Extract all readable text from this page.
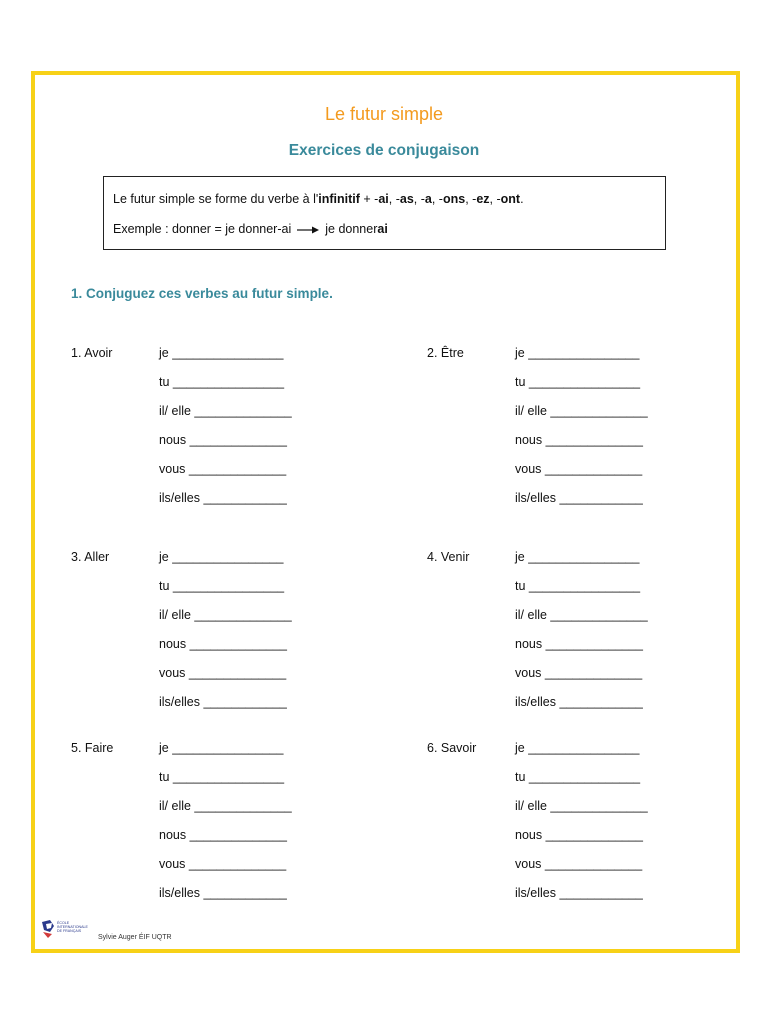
Le futur simple
Exercices de conjugaison
Le futur simple se forme du verbe à l'infinitif + -ai, -as, -a, -ons, -ez, -ont.
Exemple : donner = je donner-ai	je donnerai
1. Conjuguez ces verbes au futur simple.
1. Avoir	je ________________
tu ________________
il/ elle ______________
nous ______________
vous ______________
ils/elles ____________
2. Être	je ________________
tu ________________
il/ elle ______________
nous ______________
vous ______________
ils/elles ____________
3. Aller	je ________________
tu ________________
il/ elle ______________
nous ______________
vous ______________
ils/elles ____________
4. Venir	je ________________
tu ________________
il/ elle ______________
nous ______________
vous ______________
ils/elles ____________
5. Faire	je ________________
tu ________________
il/ elle ______________
nous ______________
vous ______________
ils/elles ____________
6. Savoir	je ________________
tu ________________
il/ elle ______________
nous ______________
vous ______________
ils/elles ____________
ÉCOLE
INTERNATIONALE
DE FRANÇAIS
Sylvie Auger ÉIF UQTR
